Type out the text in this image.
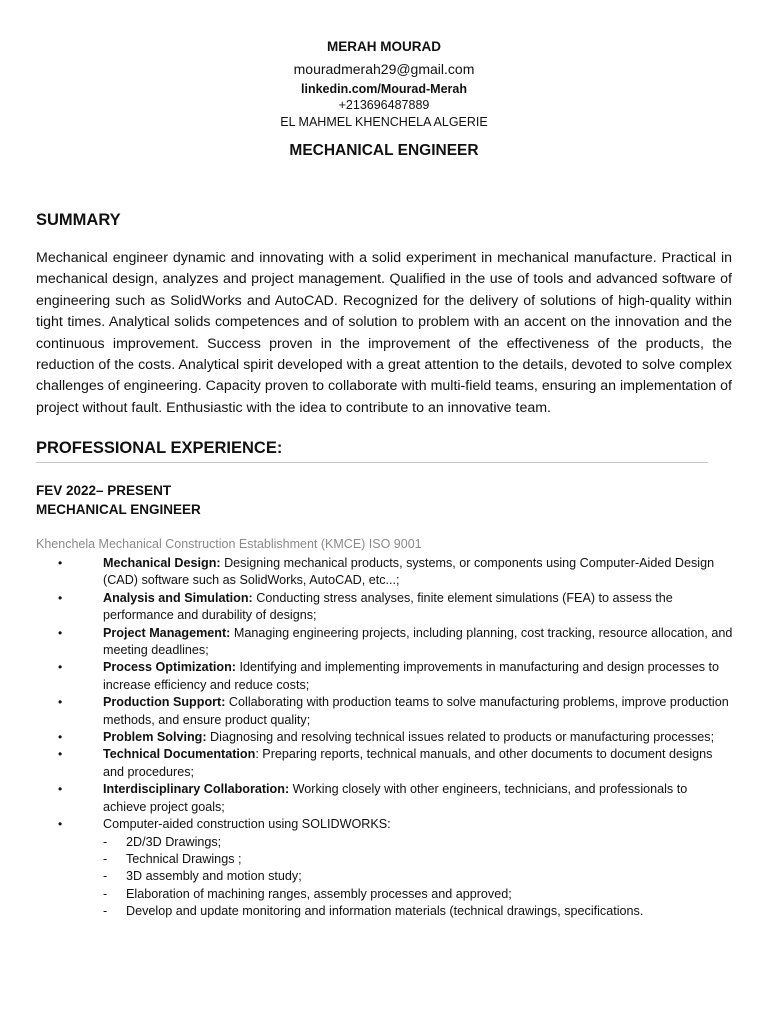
MERAH MOURAD
mouradmerah29@gmail.com
linkedin.com/Mourad-Merah
+213696487889
EL MAHMEL KHENCHELA ALGERIE
MECHANICAL ENGINEER
SUMMARY
Mechanical engineer dynamic and innovating with a solid experiment in mechanical manufacture. Practical in mechanical design, analyzes and project management. Qualified in the use of tools and advanced software of engineering such as SolidWorks and AutoCAD. Recognized for the delivery of solutions of high-quality within tight times. Analytical solids competences and of solution to problem with an accent on the innovation and the continuous improvement. Success proven in the improvement of the effectiveness of the products, the reduction of the costs. Analytical spirit developed with a great attention to the details, devoted to solve complex challenges of engineering. Capacity proven to collaborate with multi-field teams, ensuring an implementation of project without fault. Enthusiastic with the idea to contribute to an innovative team.
PROFESSIONAL EXPERIENCE:
FEV 2022– PRESENT
MECHANICAL ENGINEER
Khenchela Mechanical Construction Establishment (KMCE) ISO 9001
•	Mechanical Design: Designing mechanical products, systems, or components using Computer-Aided Design (CAD) software such as SolidWorks, AutoCAD, etc...;
•	Analysis and Simulation: Conducting stress analyses, finite element simulations (FEA) to assess the performance and durability of designs;
•	Project Management: Managing engineering projects, including planning, cost tracking, resource allocation, and meeting deadlines;
•	Process Optimization: Identifying and implementing improvements in manufacturing and design processes to increase efficiency and reduce costs;
•	Production Support: Collaborating with production teams to solve manufacturing problems, improve production methods, and ensure product quality;
•	Problem Solving: Diagnosing and resolving technical issues related to products or manufacturing processes;
•	Technical Documentation: Preparing reports, technical manuals, and other documents to document designs and procedures;
•	Interdisciplinary Collaboration: Working closely with other engineers, technicians, and professionals to achieve project goals;
•	Computer-aided construction using SOLIDWORKS:
- 2D/3D Drawings;
- Technical Drawings ;
- 3D assembly and motion study;
- Elaboration of machining ranges, assembly processes and approved;
- Develop and update monitoring and information materials (technical drawings, specifications.
